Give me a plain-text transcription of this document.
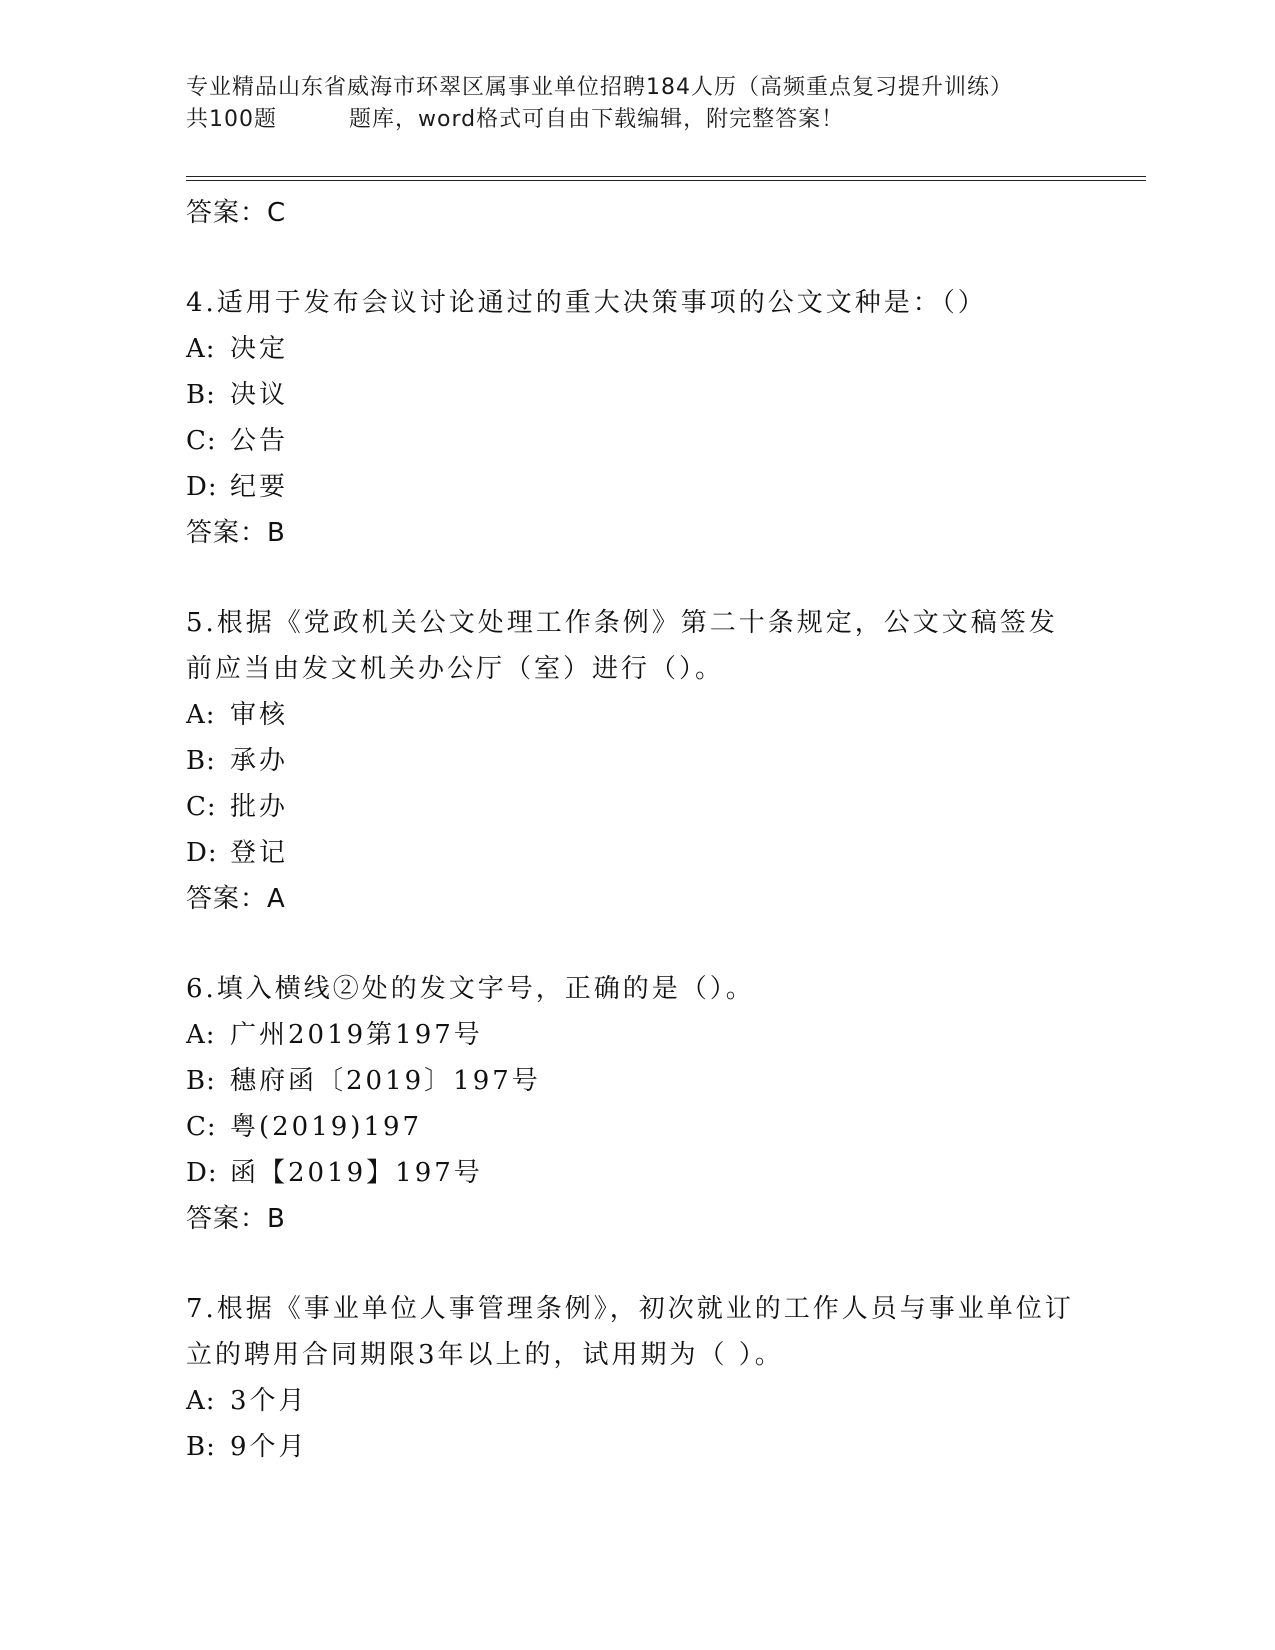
专业精品山东省威海市环翠区属事业单位招聘184人历（高频重点复习提升训练）
共100题	题库，word格式可自由下载编辑，附完整答案！
答案：C

4.适用于发布会议讨论通过的重大决策事项的公文文种是：（）

A: 决定
B: 决议
C: 公告
D: 纪要
答案：B

5.根据《党政机关公文处理工作条例》第二十条规定，公文文稿签发前应当由发文机关办公厅（室）进行（）。

A: 审核
B: 承办
C: 批办
D: 登记
答案：A

6.填入横线②处的发文字号，正确的是（）。

A: 广州2019第197号
B: 穗府函〔2019〕197号
C: 粤(2019)197
D: 函【2019】197号
答案：B

7.根据《事业单位人事管理条例》，初次就业的工作人员与事业单位订立的聘用合同期限3年以上的，试用期为（ ）。

A: 3个月
B: 9个月
